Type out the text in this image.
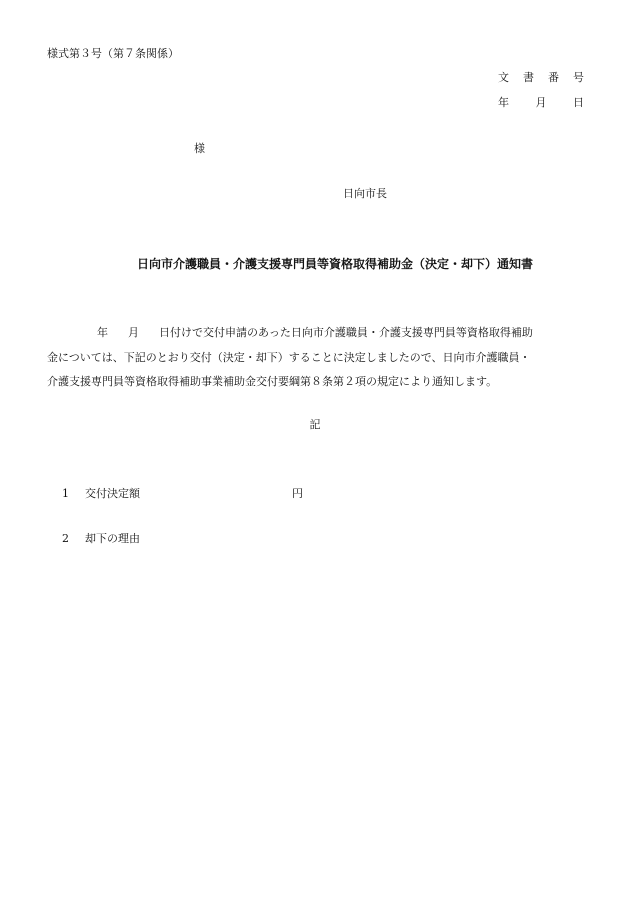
様式第３号（第７条関係）
文 書 番 号
年 月 日
様
日向市長
日向市介護職員・介護支援専門員等資格取得補助金（決定・却下）通知書
年 月 日付けで交付申請のあった日向市介護職員・介護支援専門員等資格取得補助
金については、下記のとおり交付（決定・却下）することに決定しましたので、日向市介護職員・
介護支援専門員等資格取得補助事業補助金交付要綱第８条第２項の規定により通知します。
記
1 交付決定額	円
2 却下の理由
